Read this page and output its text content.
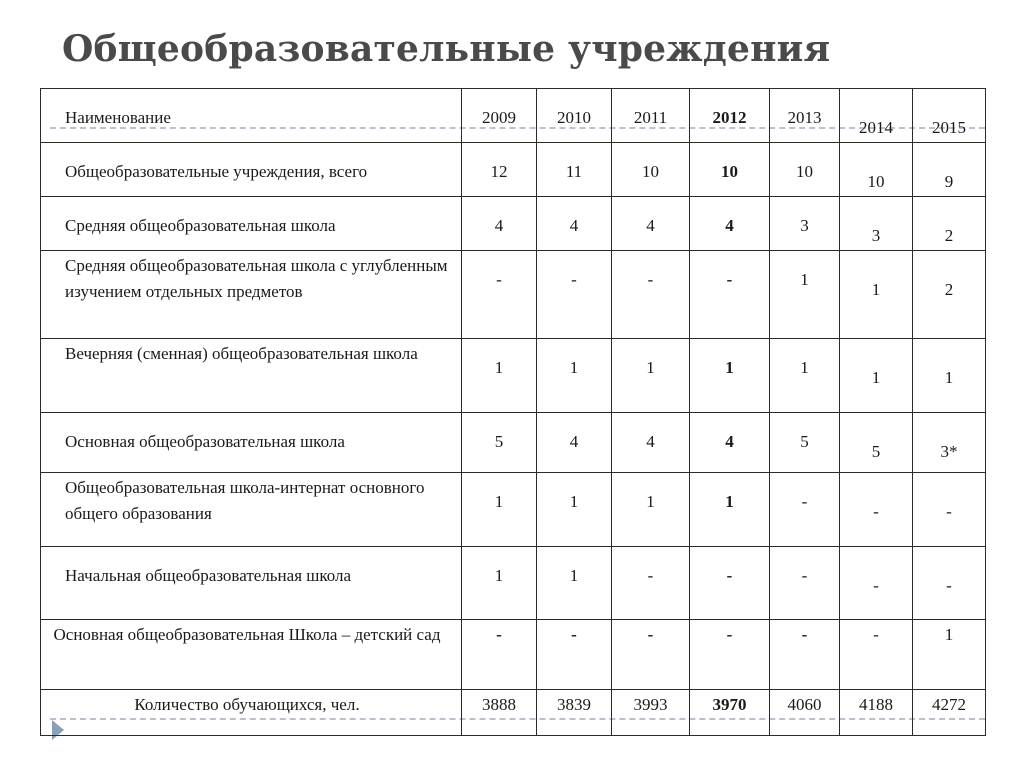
Общеобразовательные учреждения
Наименование	2009	2010	2011	2012	2013	2014	2015
Общеобразовательные учреждения, всего	12	11	10	10	10	10	9
Средняя общеобразовательная школа	4	4	4	4	3	3	2
Средняя общеобразовательная школа с углубленным изучением отдельных предметов	-	-	-	-	1	1	2
Вечерняя (сменная) общеобразовательная школа	1	1	1	1	1	1	1
Основная общеобразовательная школа	5	4	4	4	5	5	3*
Общеобразовательная школа-интернат основного общего образования	1	1	1	1	-	-	-
Начальная общеобразовательная школа	1	1	-	-	-	-	-
Основная общеобразовательная Школа – детский сад	-	-	-	-	-	-	1
Количество обучающихся, чел.	3888	3839	3993	3970	4060	4188	4272
